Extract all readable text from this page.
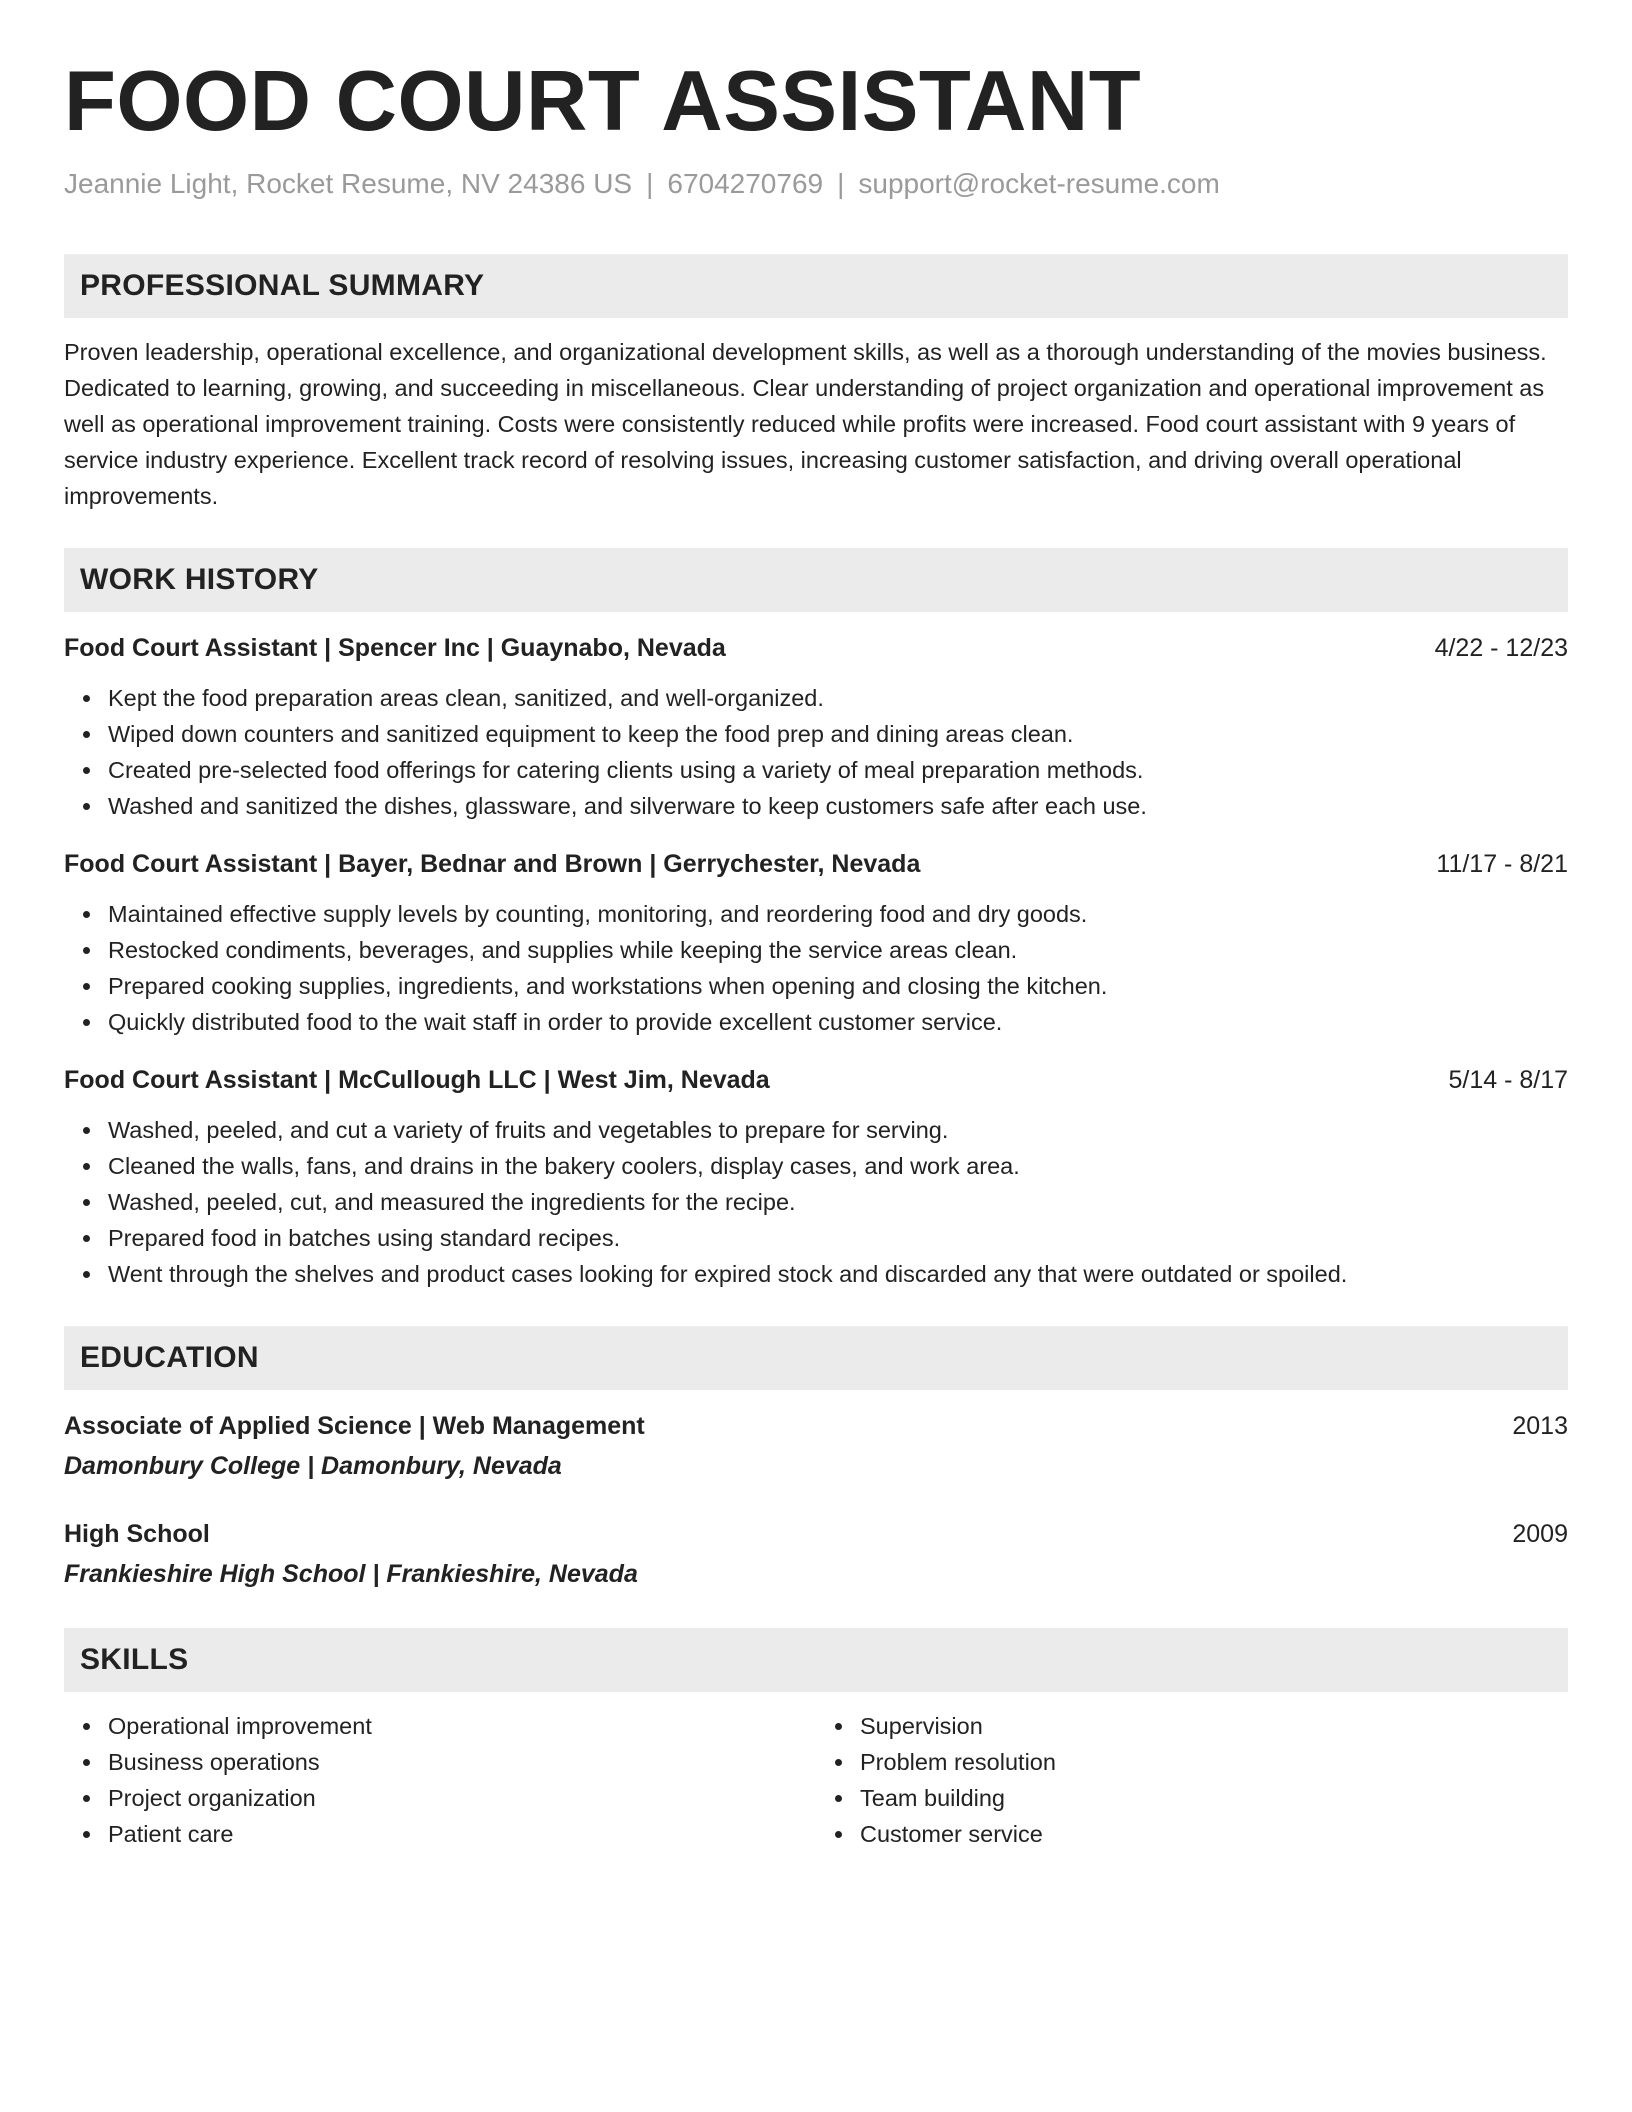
FOOD COURT ASSISTANT
Jeannie Light, Rocket Resume, NV 24386 US | 6704270769 | support@rocket-resume.com
PROFESSIONAL SUMMARY
Proven leadership, operational excellence, and organizational development skills, as well as a thorough understanding of the movies business. Dedicated to learning, growing, and succeeding in miscellaneous. Clear understanding of project organization and operational improvement as well as operational improvement training. Costs were consistently reduced while profits were increased. Food court assistant with 9 years of service industry experience. Excellent track record of resolving issues, increasing customer satisfaction, and driving overall operational improvements.
WORK HISTORY
Food Court Assistant | Spencer Inc | Guaynabo, Nevada	4/22 - 12/23
Kept the food preparation areas clean, sanitized, and well-organized.
Wiped down counters and sanitized equipment to keep the food prep and dining areas clean.
Created pre-selected food offerings for catering clients using a variety of meal preparation methods.
Washed and sanitized the dishes, glassware, and silverware to keep customers safe after each use.
Food Court Assistant | Bayer, Bednar and Brown | Gerrychester, Nevada	11/17 - 8/21
Maintained effective supply levels by counting, monitoring, and reordering food and dry goods.
Restocked condiments, beverages, and supplies while keeping the service areas clean.
Prepared cooking supplies, ingredients, and workstations when opening and closing the kitchen.
Quickly distributed food to the wait staff in order to provide excellent customer service.
Food Court Assistant | McCullough LLC | West Jim, Nevada	5/14 - 8/17
Washed, peeled, and cut a variety of fruits and vegetables to prepare for serving.
Cleaned the walls, fans, and drains in the bakery coolers, display cases, and work area.
Washed, peeled, cut, and measured the ingredients for the recipe.
Prepared food in batches using standard recipes.
Went through the shelves and product cases looking for expired stock and discarded any that were outdated or spoiled.
EDUCATION
Associate of Applied Science | Web Management	2013
Damonbury College | Damonbury, Nevada
High School	2009
Frankieshire High School | Frankieshire, Nevada
SKILLS
Operational improvement
Business operations
Project organization
Patient care
Supervision
Problem resolution
Team building
Customer service
